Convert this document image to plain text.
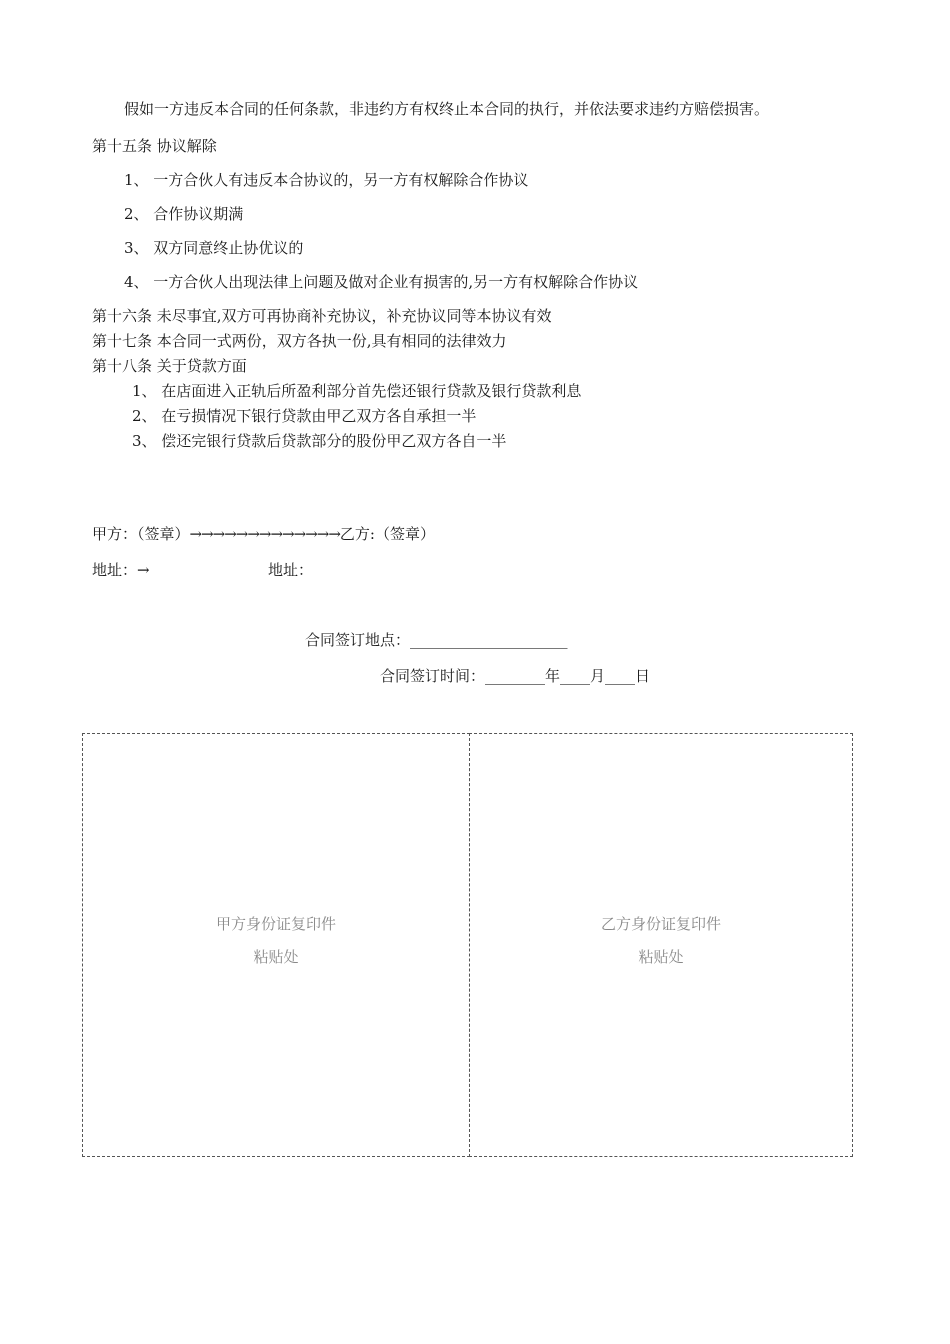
假如一方违反本合同的任何条款，非违约方有权终止本合同的执行，并依法要求违约方赔偿损害。
第十五条 协议解除
1、 一方合伙人有违反本合协议的，另一方有权解除合作协议
2、 合作协议期满
3、 双方同意终止协优议的
4、 一方合伙人出现法律上问题及做对企业有损害的,另一方有权解除合作协议
第十六条 未尽事宜,双方可再协商补充协议，补充协议同等本协议有效
第十七条 本合同一式两份，双方各执一份,具有相同的法律效力
第十八条 关于贷款方面
1、 在店面进入正轨后所盈利部分首先偿还银行贷款及银行贷款利息
2、 在亏损情况下银行贷款由甲乙双方各自承担一半
3、 偿还完银行贷款后贷款部分的股份甲乙双方各自一半
甲方：（签章）→→→→→→→→→→→→→乙方:（签章）
地址：→	地址：
合同签订地点：_____________________
合同签订时间：________年____月____日
甲方身份证复印件
粘贴处
乙方身份证复印件
粘贴处
